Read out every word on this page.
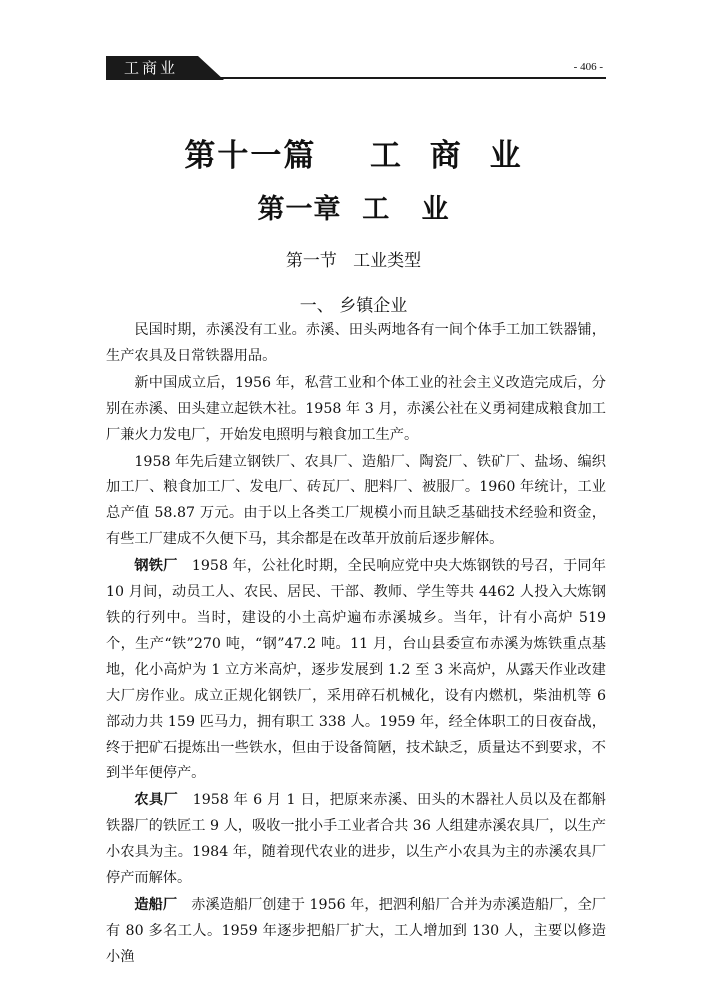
工商业	- 406 -
第十一篇  工 商 业
第一章  工   业
第一节   工业类型
一、 乡镇企业

民国时期，赤溪没有工业。赤溪、田头两地各有一间个体手工加工铁器铺，生产农具及日常铁器用品。

新中国成立后，1956 年，私营工业和个体工业的社会主义改造完成后，分别在赤溪、田头建立起铁木社。1958 年 3 月，赤溪公社在义勇祠建成粮食加工厂兼火力发电厂，开始发电照明与粮食加工生产。

1958 年先后建立钢铁厂、农具厂、造船厂、陶瓷厂、铁矿厂、盐场、编织加工厂、粮食加工厂、发电厂、砖瓦厂、肥料厂、被服厂。1960 年统计，工业总产值 58.87 万元。由于以上各类工厂规模小而且缺乏基础技术经验和资金，有些工厂建成不久便下马，其余都是在改革开放前后逐步解体。

钢铁厂　1958 年，公社化时期，全民响应党中央大炼钢铁的号召，于同年 10 月间，动员工人、农民、居民、干部、教师、学生等共 4462 人投入大炼钢铁的行列中。当时，建设的小土高炉遍布赤溪城乡。当年，计有小高炉 519 个，生产“铁”270 吨，“钢”47.2 吨。11 月，台山县委宣布赤溪为炼铁重点基地，化小高炉为 1 立方米高炉，逐步发展到 1.2 至 3 米高炉，从露天作业改建大厂房作业。成立正规化钢铁厂，采用碎石机械化，设有内燃机，柴油机等 6 部动力共 159 匹马力，拥有职工 338 人。1959 年，经全体职工的日夜奋战，终于把矿石提炼出一些铁水，但由于设备简陋，技术缺乏，质量达不到要求，不到半年便停产。

农具厂　1958 年 6 月 1 日，把原来赤溪、田头的木器社人员以及在都斛铁器厂的铁匠工 9 人，吸收一批小手工业者合共 36 人组建赤溪农具厂，以生产小农具为主。1984 年，随着现代农业的进步，以生产小农具为主的赤溪农具厂停产而解体。

造船厂　赤溪造船厂创建于 1956 年，把泗利船厂合并为赤溪造船厂，全厂有 80 多名工人。1959 年逐步把船厂扩大，工人增加到 130 人，主要以修造小渔
